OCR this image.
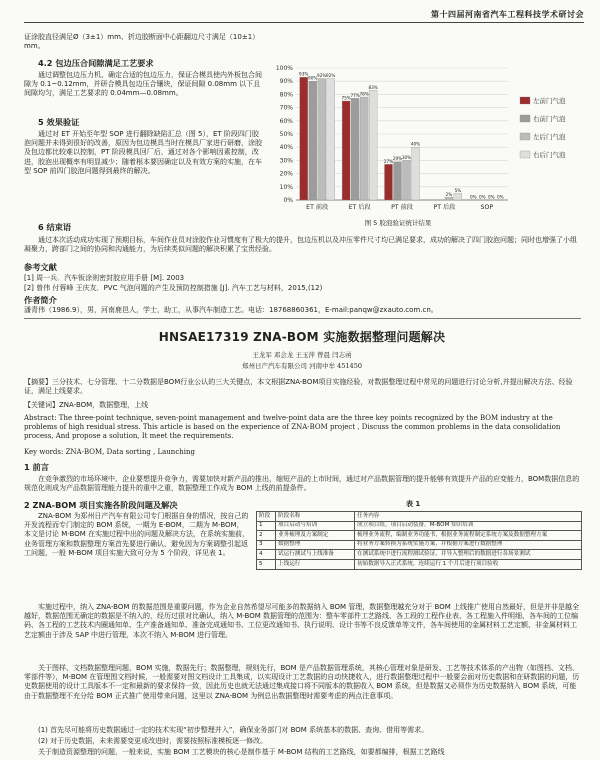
第十四届河南省汽车工程科技学术研讨会

证涂胶直径满足Ø（3±1）mm、折边胶断面中心距翻边尺寸满足（10±1）mm。

4.2 包边压合间隙满足工艺要求

通过调整包边压力机、确定合适的包边压力，保证合模具使内外板包合间隙为 0.1~0.12mm，并研合模具包边压合镶块，保证间隙 0.08mm 以下且间隙均匀，满足工艺要求的 0.04mm—0.08mm。

5 效果验证

通过对 ET 开始至年型 SOP 进行翻除缺陷汇总（图 5），ET 阶段四门胶泡问题并未得到很好的改善，原因为包边模具当时在模具厂家进行研磨，涂胶及包边都比较难以控制，PT 阶段模具回厂后，通过对各个影响因素控制，改进，胶泡出现概率有明显减少；随着根本要因确定以及有效方案的实施，在车型 SOP 前四门胶泡问题得到最终的解决。

6 结束语

0%
10%
20%
30%
40%
50%
60%
70%
80%
90%
100%
93%
90%
92% 92%
ET 前段
75%
77% 78%
83%
ET 后段
27%
29% 30%
40%
PT 前段
2%
5%
PT 后段
0% 0% 0% 0%
SOP
左前门气泡
右前门气泡
左后门气泡
右后门气泡
图 5 胶泡验证统计结果

通过本次活动成功实现了预期目标，车间作业员对涂胶作业习惯度有了极大的提升，包边压机以及冲压零件尺寸均已满足要求，成功的解决了四门胶泡问题；同时也增强了小组凝聚力，跨部门之间的协同和沟通能力，为后续类似问题的解决积累了宝贵经验。

参考文献

[1] 周一兵．汽车钣涂则密封胶应用手册 [M]. 2003

[2] 曾伟 付蓉峰 王庆友．PVC 气泡问题的产生及预防控制措施 [J]. 汽车工艺与材料，2015,(12)

作者简介

潘青伟（1986.9），男，河南鹿邑人，学士，助工，从事汽车制造工艺。电话：18768860361，E-mail:panqw@zxauto.com.cn。

HNSAE17319 ZNA-BOM 实施数据整理问题解决
王龙军 邓会龙 王玉萍 曾晨 闫志函
郑州日产汽车有限公司 河南中牟 451450

【摘要】三分技术、七分管理、十二分数据是BOM行业公认的三大关键点，本文根据ZNA-BOM项目实施经验，对数据整理过程中常见的问题进行讨论分析,并提出解决方法、经验证，满足上线要求。

【关键词】ZNA-BOM，数据整理，上线

Abstract: The three-point technique, seven-point management and twelve-point data are the three key points recognized by the BOM industry at the problems of high residual stress. This article is based on the experience of ZNA-BOM project , Discuss the common problems in the data consolidation process, And propose a solution, It meet the requirements.

Key words: ZNA-BOM, Data sorting , Launching

1 前言

在竞争激烈的市场环境中，企业要想提升竞争力，需要加快对新产品的推出，缩短产品的上市时间，通过对产品数据管理的提升能够有效提升产品的应变能力，BOM数据信息的规范化则成为产品数据管理能力提升的重中之重，数据整理工作成为 BOM 上线的前提条件。

2 ZNA-BOM 项目实施各阶段问题及解决

ZNA-BOM 为郑州日产汽车有限公司专门根据自身的情况，按自己的开发流程而专门制定的 BOM 系统，一期为 E-BOM，二期为 M-BOM，本文是讨论 M-BOM 在实施过程中出的问题及解决方法，在系统实施前，业务管理方案和数据整理方案首先要进行确认，避免因为方案调整引起返工问题，一般 M-BOM 项目实施大致可分为 5 个阶段，详见表 1。

表 1
阶段	阶段名称	任务内容
1	项目启动与培训	成立项目组，项目启动装备，M-BOM 知识培训
2	业务梳理及方案制定	梳理业务流程，编制业务功能书，根据业务流程制定系统方案及数据整理方案
3	数据整理	将业务方案转换为系统实施方案，并根据方案进行数据整理
4	试运行测试与上线准备	在测试系统中进行流程测试验证，并导入整理后的数据进行各场景测试
5	上线运行	初始数据导入正式系统，连续运行 1 个月后进行项目验收

实施过程中，纳入 ZNA-BOM 的数据范围是重要问题，作为企业自然希望尽可能多的数据纳入 BOM 管理，数据整理越充分对于 BOM 上线推广使用自然最好，但是并非是越全越好，数据范围无确定的数据是不纳入的，经历过很对比确认，纳入 M-BOM 数据管理的范围为：整车零部件工艺路线、各工段的工程作业表、各工程施入件明细、各车间的工位编码、各工程的工艺技术内圈通知单、生产准备通知单、准备完成通知书、工位更改通知书、执行说明、设计书等不良反馈单等文件，各车间使用的金属材料工艺定额、非金属材料工艺定额由于涉及 SAP 中进行管理，本次不纳入 M-BOM 进行管理。

关于图样、文档数据整理问题，BOM 实施，数据先行；数据整理，规则先行，BOM 是产品数据管理系统，其核心管理对象是研发、工艺等技术体系的产出物（如图档、文档、零部件等），M-BOM 在管理围文档时候，一般需要对图文档设计工具集成，以实现设计工艺数据的自动快捷收入，进行数据整理过程中一般要会面对历史数据和在研数据的问题，历史数据使用的设计工具版本不一定和最新的要求保持一致，因此历史也就无法通过集成接口将不同版本的数据收入 BOM 系统，但是数据又必须作为历史数据纳入 BOM 系统，可能由于数据整理不充分给 BOM 正式推广使用带来问题，这里以 ZNA-BOM 为例总出数据整理时需要考虑的两点注意事项。

(1) 首先尽可能将历史数据通过一定的技术实现“初步整理并入”，确保业务部门对 BOM 系统基本的数据、查询、借用等需求。

(2) 对于历史数据，未来需要变更或改进时，需要按照标准模板逐一修改。

关于制造资源整理的问题，一般来说，实施 BOM 工艺模块的核心是制作基于 M-BOM 结构的工艺路线，如要都编排，根据工艺路线
